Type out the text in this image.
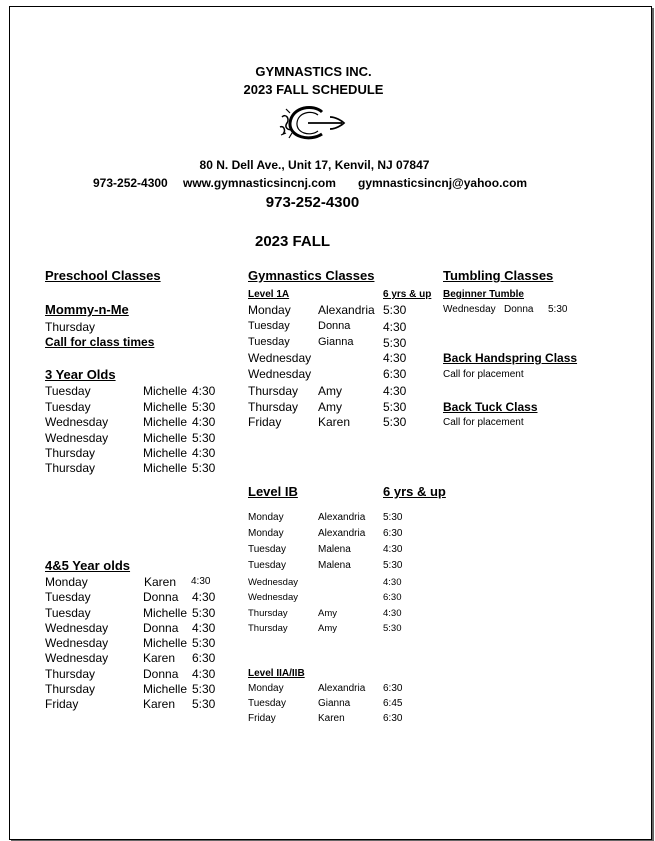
GYMNASTICS INC.
2023 FALL SCHEDULE
80 N. Dell Ave., Unit 17, Kenvil, NJ 07847
973-252-4300 www.gymnasticsincnj.com gymnasticsincnj@yahoo.com
973-252-4300
2023 FALL
Preschool Classes
Mommy-n-Me
Thursday
Call for class times
3 Year Olds
Tuesday	Michelle 4:30
Tuesday	Michelle 5:30
Wednesday	Michelle 4:30
Wednesday	Michelle 5:30
Thursday	Michelle 4:30
Thursday	Michelle 5:30
4&5 Year olds
Monday	Karen 4:30
Tuesday	Donna 4:30
Tuesday	Michelle 5:30
Wednesday	Donna 4:30
Wednesday	Michelle 5:30
Wednesday	Karen 6:30
Thursday	Donna 4:30
Thursday	Michelle 5:30
Friday	Karen 5:30
Gymnastics Classes
Level 1A	6 yrs & up
Monday Alexandria 5:30
Tuesday	Donna	4:30
Tuesday	Gianna 5:30
Wednesday	4:30
Wednesday	6:30
Thursday Amy	4:30
Thursday Amy	5:30
Friday	Karen	5:30
Level IB	6 yrs & up
Monday	Alexandria 5:30
Monday	Alexandria 6:30
Tuesday	Malena	4:30
Tuesday	Malena	5:30
Wednesday	4:30
Wednesday	6:30
Thursday	Amy	4:30
Thursday	Amy	5:30
Level IIA/IIB
Monday	Alexandria 6:30
Tuesday	Gianna	6:45
Friday	Karen	6:30
Tumbling Classes
Beginner Tumble
Wednesday Donna 5:30
Back Handspring Class
Call for placement
Back Tuck Class
Call for placement
